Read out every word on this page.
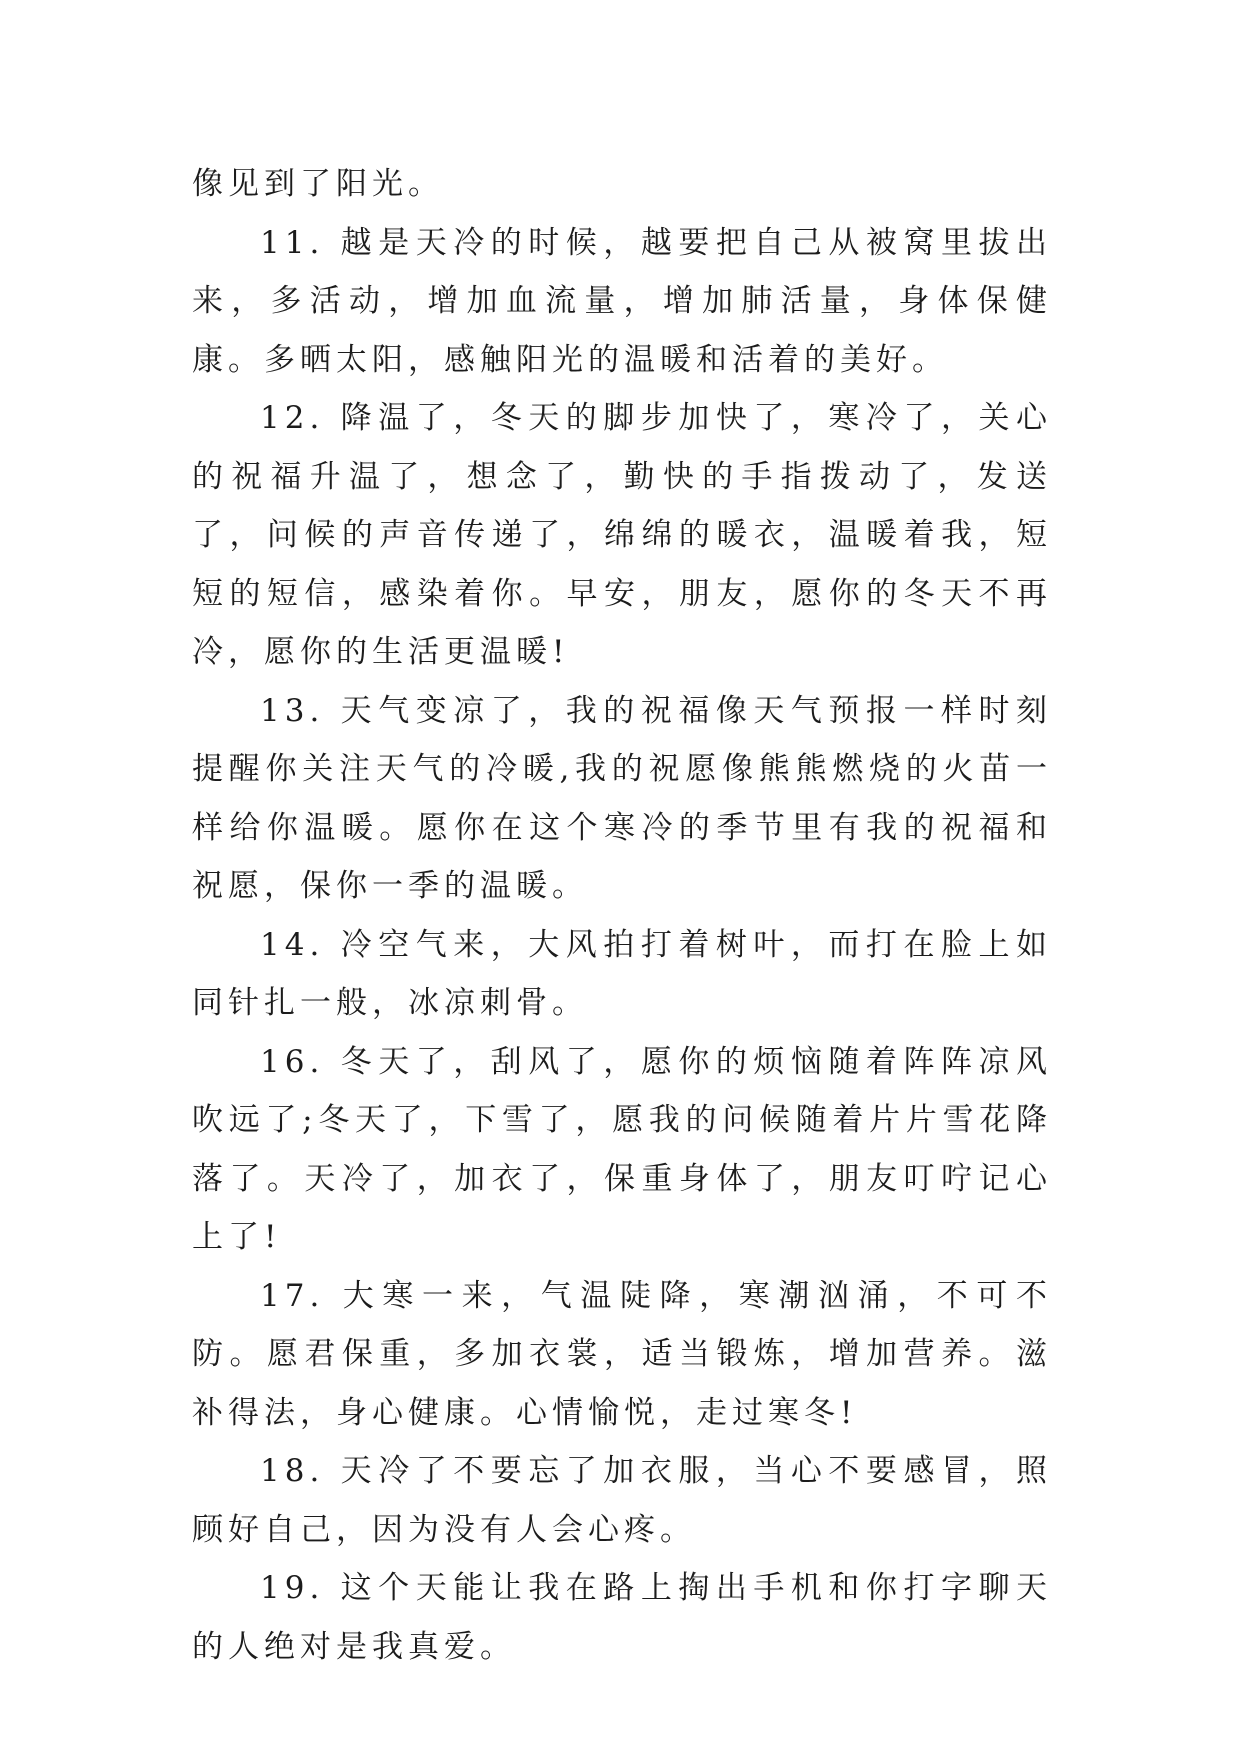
像见到了阳光。

11. 越是天冷的时候，越要把自己从被窝里拔出来，多活动，增加血流量，增加肺活量，身体保健康。多晒太阳，感触阳光的温暖和活着的美好。

12. 降温了，冬天的脚步加快了，寒冷了，关心的祝福升温了，想念了，勤快的手指拨动了，发送了，问候的声音传递了，绵绵的暖衣，温暖着我，短短的短信，感染着你。早安，朋友，愿你的冬天不再冷，愿你的生活更温暖!

13. 天气变凉了，我的祝福像天气预报一样时刻提醒你关注天气的冷暖,我的祝愿像熊熊燃烧的火苗一样给你温暖。愿你在这个寒冷的季节里有我的祝福和祝愿，保你一季的温暖。

14. 冷空气来，大风拍打着树叶，而打在脸上如同针扎一般，冰凉刺骨。

16. 冬天了，刮风了，愿你的烦恼随着阵阵凉风吹远了;冬天了，下雪了，愿我的问候随着片片雪花降落了。天冷了，加衣了，保重身体了，朋友叮咛记心上了!

17. 大寒一来，气温陡降，寒潮汹涌，不可不防。愿君保重，多加衣裳，适当锻炼，增加营养。滋补得法，身心健康。心情愉悦，走过寒冬!

18. 天冷了不要忘了加衣服，当心不要感冒，照顾好自己，因为没有人会心疼。

19. 这个天能让我在路上掏出手机和你打字聊天的人绝对是我真爱。
